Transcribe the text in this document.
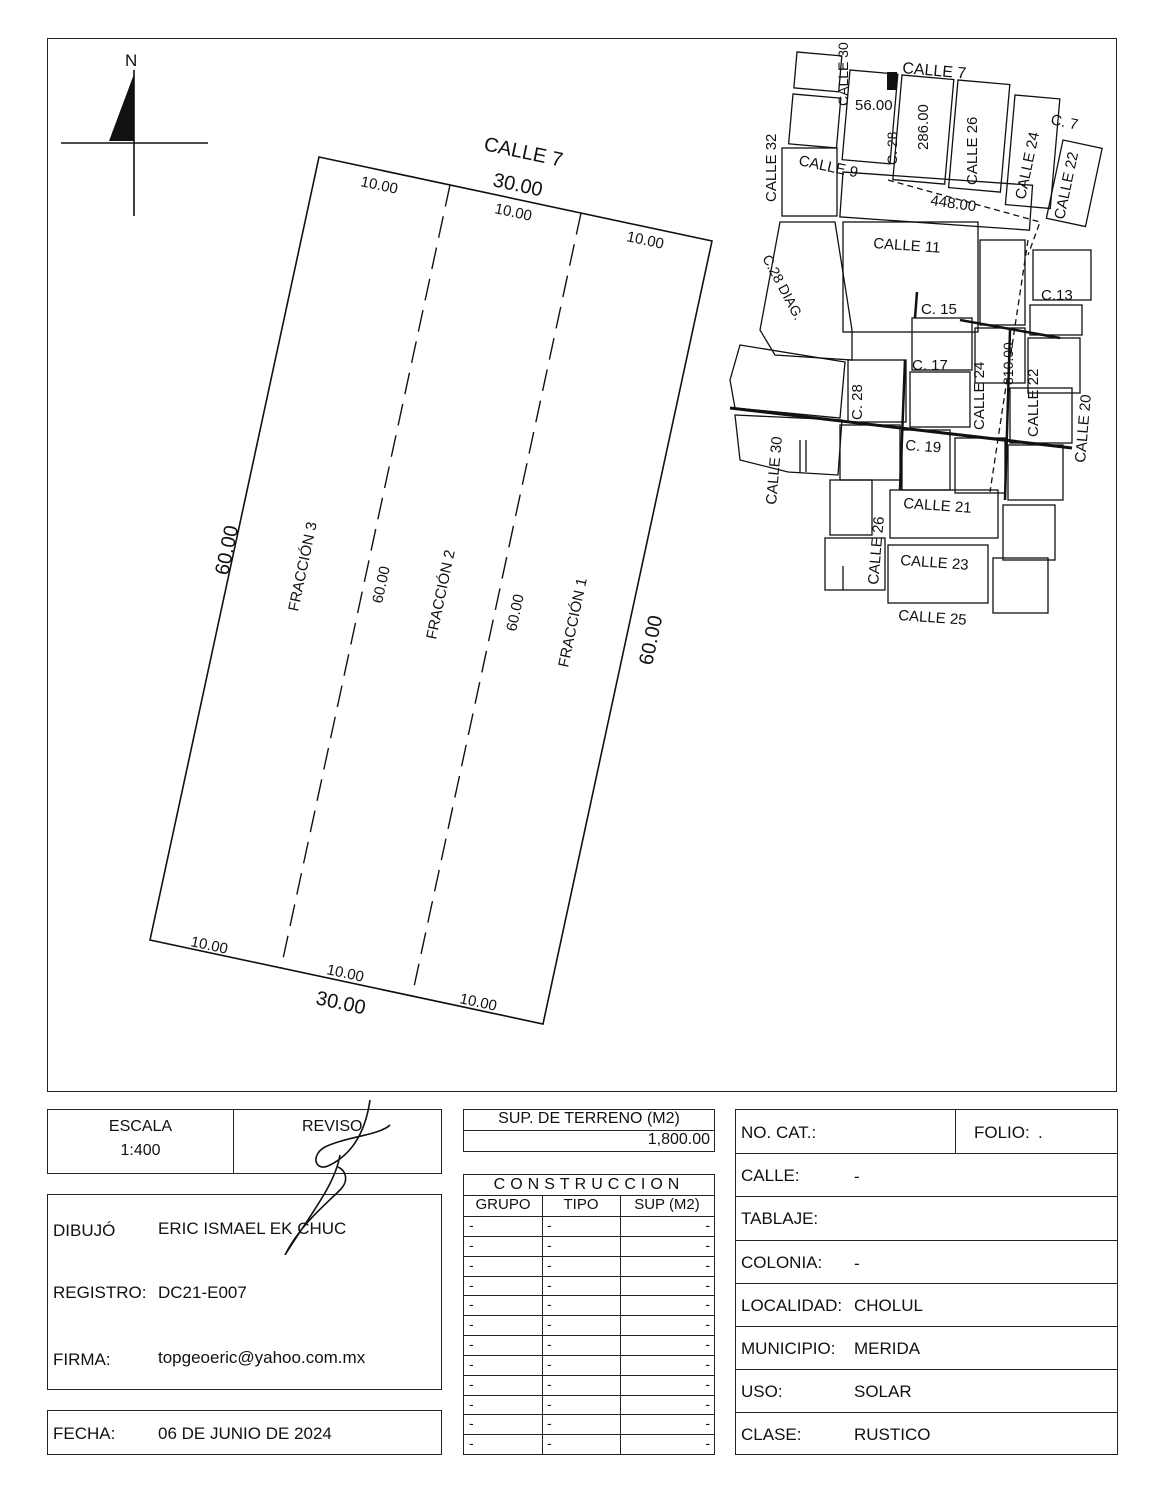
N
CALLE 7
30.00
10.00
10.00
10.00
10.00
10.00
10.00
30.00
60.00
60.00
60.00
60.00
FRACCIÓN 3	FRACCIÓN 2	FRACCIÓN 1
CALLE 7
CALLE 30
C. 28
56.00 286.00 CALLE 26 CALLE 24
C. 7
CALLE 22
CALLE 32 CALLE 9
448.00
CALLE 11
C.28 DIAG.	C.13
C. 15
810.00
C. 17 CALLE 24 CALLE 22
C. 28	CALLE 20
C. 19
CALLE 30
CALLE 21
CALLE 26 CALLE 23
CALLE 25
ESCALA
1:400
REVISO
DIBUJÓ	ERIC ISMAEL EK CHUC
REGISTRO: DC21-E007
FIRMA:	topgeoeric@yahoo.com.mx
FECHA:	06 DE JUNIO DE 2024
SUP. DE TERRENO (M2)
1,800.00
CONSTRUCCION
GRUPO	TIPO	SUP (M2)
-	-	-
-	-	-
-	-	-
-	-	-
-	-	-
-	-	-
-	-	-
-	-	-
-	-	-
-	-	-
-	-	-
-	-	-
NO. CAT.:	FOLIO: .
CALLE:	-
TABLAJE:
COLONIA: -
LOCALIDAD: CHOLUL
MUNICIPIO: MERIDA
USO:	SOLAR
CLASE:	RUSTICO
